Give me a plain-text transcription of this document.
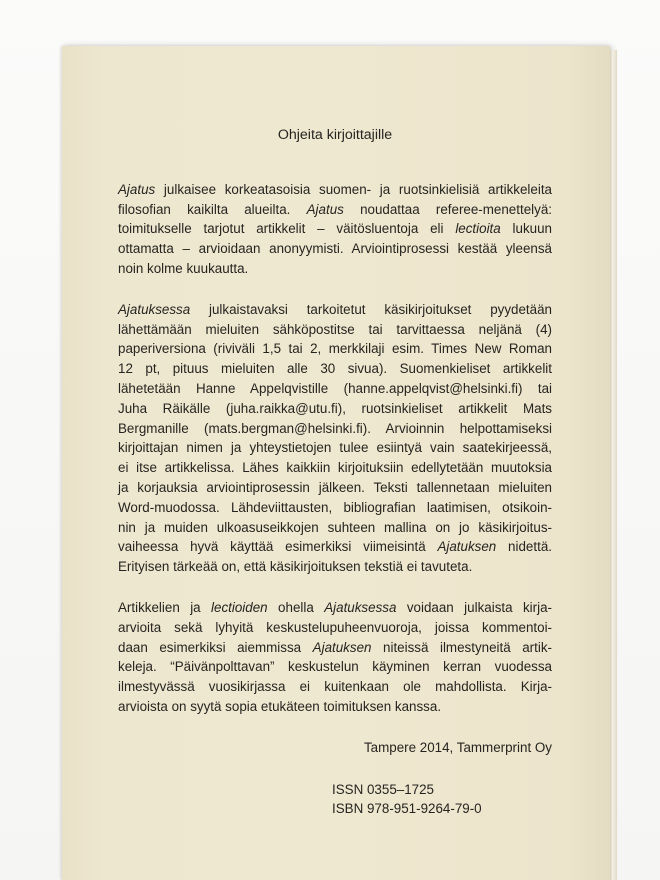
Ohjeita kirjoittajille

Ajatus julkaisee korkeatasoisia suomen- ja ruotsinkielisiä artikkeleita
filosofian kaikilta alueilta. Ajatus noudattaa referee-menettelyä:
toimitukselle tarjotut artikkelit – väitösluentoja eli lectioita lukuun
ottamatta – arvioidaan anonyymisti. Arviointiprosessi kestää yleensä
noin kolme kuukautta.

Ajatuksessa julkaistavaksi tarkoitetut käsikirjoitukset pyydetään
lähettämään mieluiten sähköpostitse tai tarvittaessa neljänä (4)
paperiversiona (riviväli 1,5 tai 2, merkkilaji esim. Times New Roman
12 pt, pituus mieluiten alle 30 sivua). Suomenkieliset artikkelit
lähetetään Hanne Appelqvistille (hanne.appelqvist@helsinki.fi) tai
Juha Räikälle (juha.raikka@utu.fi), ruotsinkieliset artikkelit Mats
Bergmanille (mats.bergman@helsinki.fi). Arvioinnin helpottamiseksi
kirjoittajan nimen ja yhteystietojen tulee esiintyä vain saatekirjeessä,
ei itse artikkelissa. Lähes kaikkiin kirjoituksiin edellytetään muutoksia
ja korjauksia arviointiprosessin jälkeen. Teksti tallennetaan mieluiten
Word-muodossa. Lähdeviittausten, bibliografian laatimisen, otsikoin-
nin ja muiden ulkoasuseikkojen suhteen mallina on jo käsikirjoitus-
vaiheessa hyvä käyttää esimerkiksi viimeisintä Ajatuksen nidettä.
Erityisen tärkeää on, että käsikirjoituksen tekstiä ei tavuteta.

Artikkelien ja lectioiden ohella Ajatuksessa voidaan julkaista kirja-
arvioita sekä lyhyitä keskustelupuheenvuoroja, joissa kommentoi-
daan esimerkiksi aiemmissa Ajatuksen niteissä ilmestyneitä artik-
keleja. “Päivänpolttavan” keskustelun käyminen kerran vuodessa
ilmestyvässä vuosikirjassa ei kuitenkaan ole mahdollista. Kirja-
arvioista on syytä sopia etukäteen toimituksen kanssa.

Tampere 2014, Tammerprint Oy
ISSN 0355–1725
ISBN 978-951-9264-79-0
